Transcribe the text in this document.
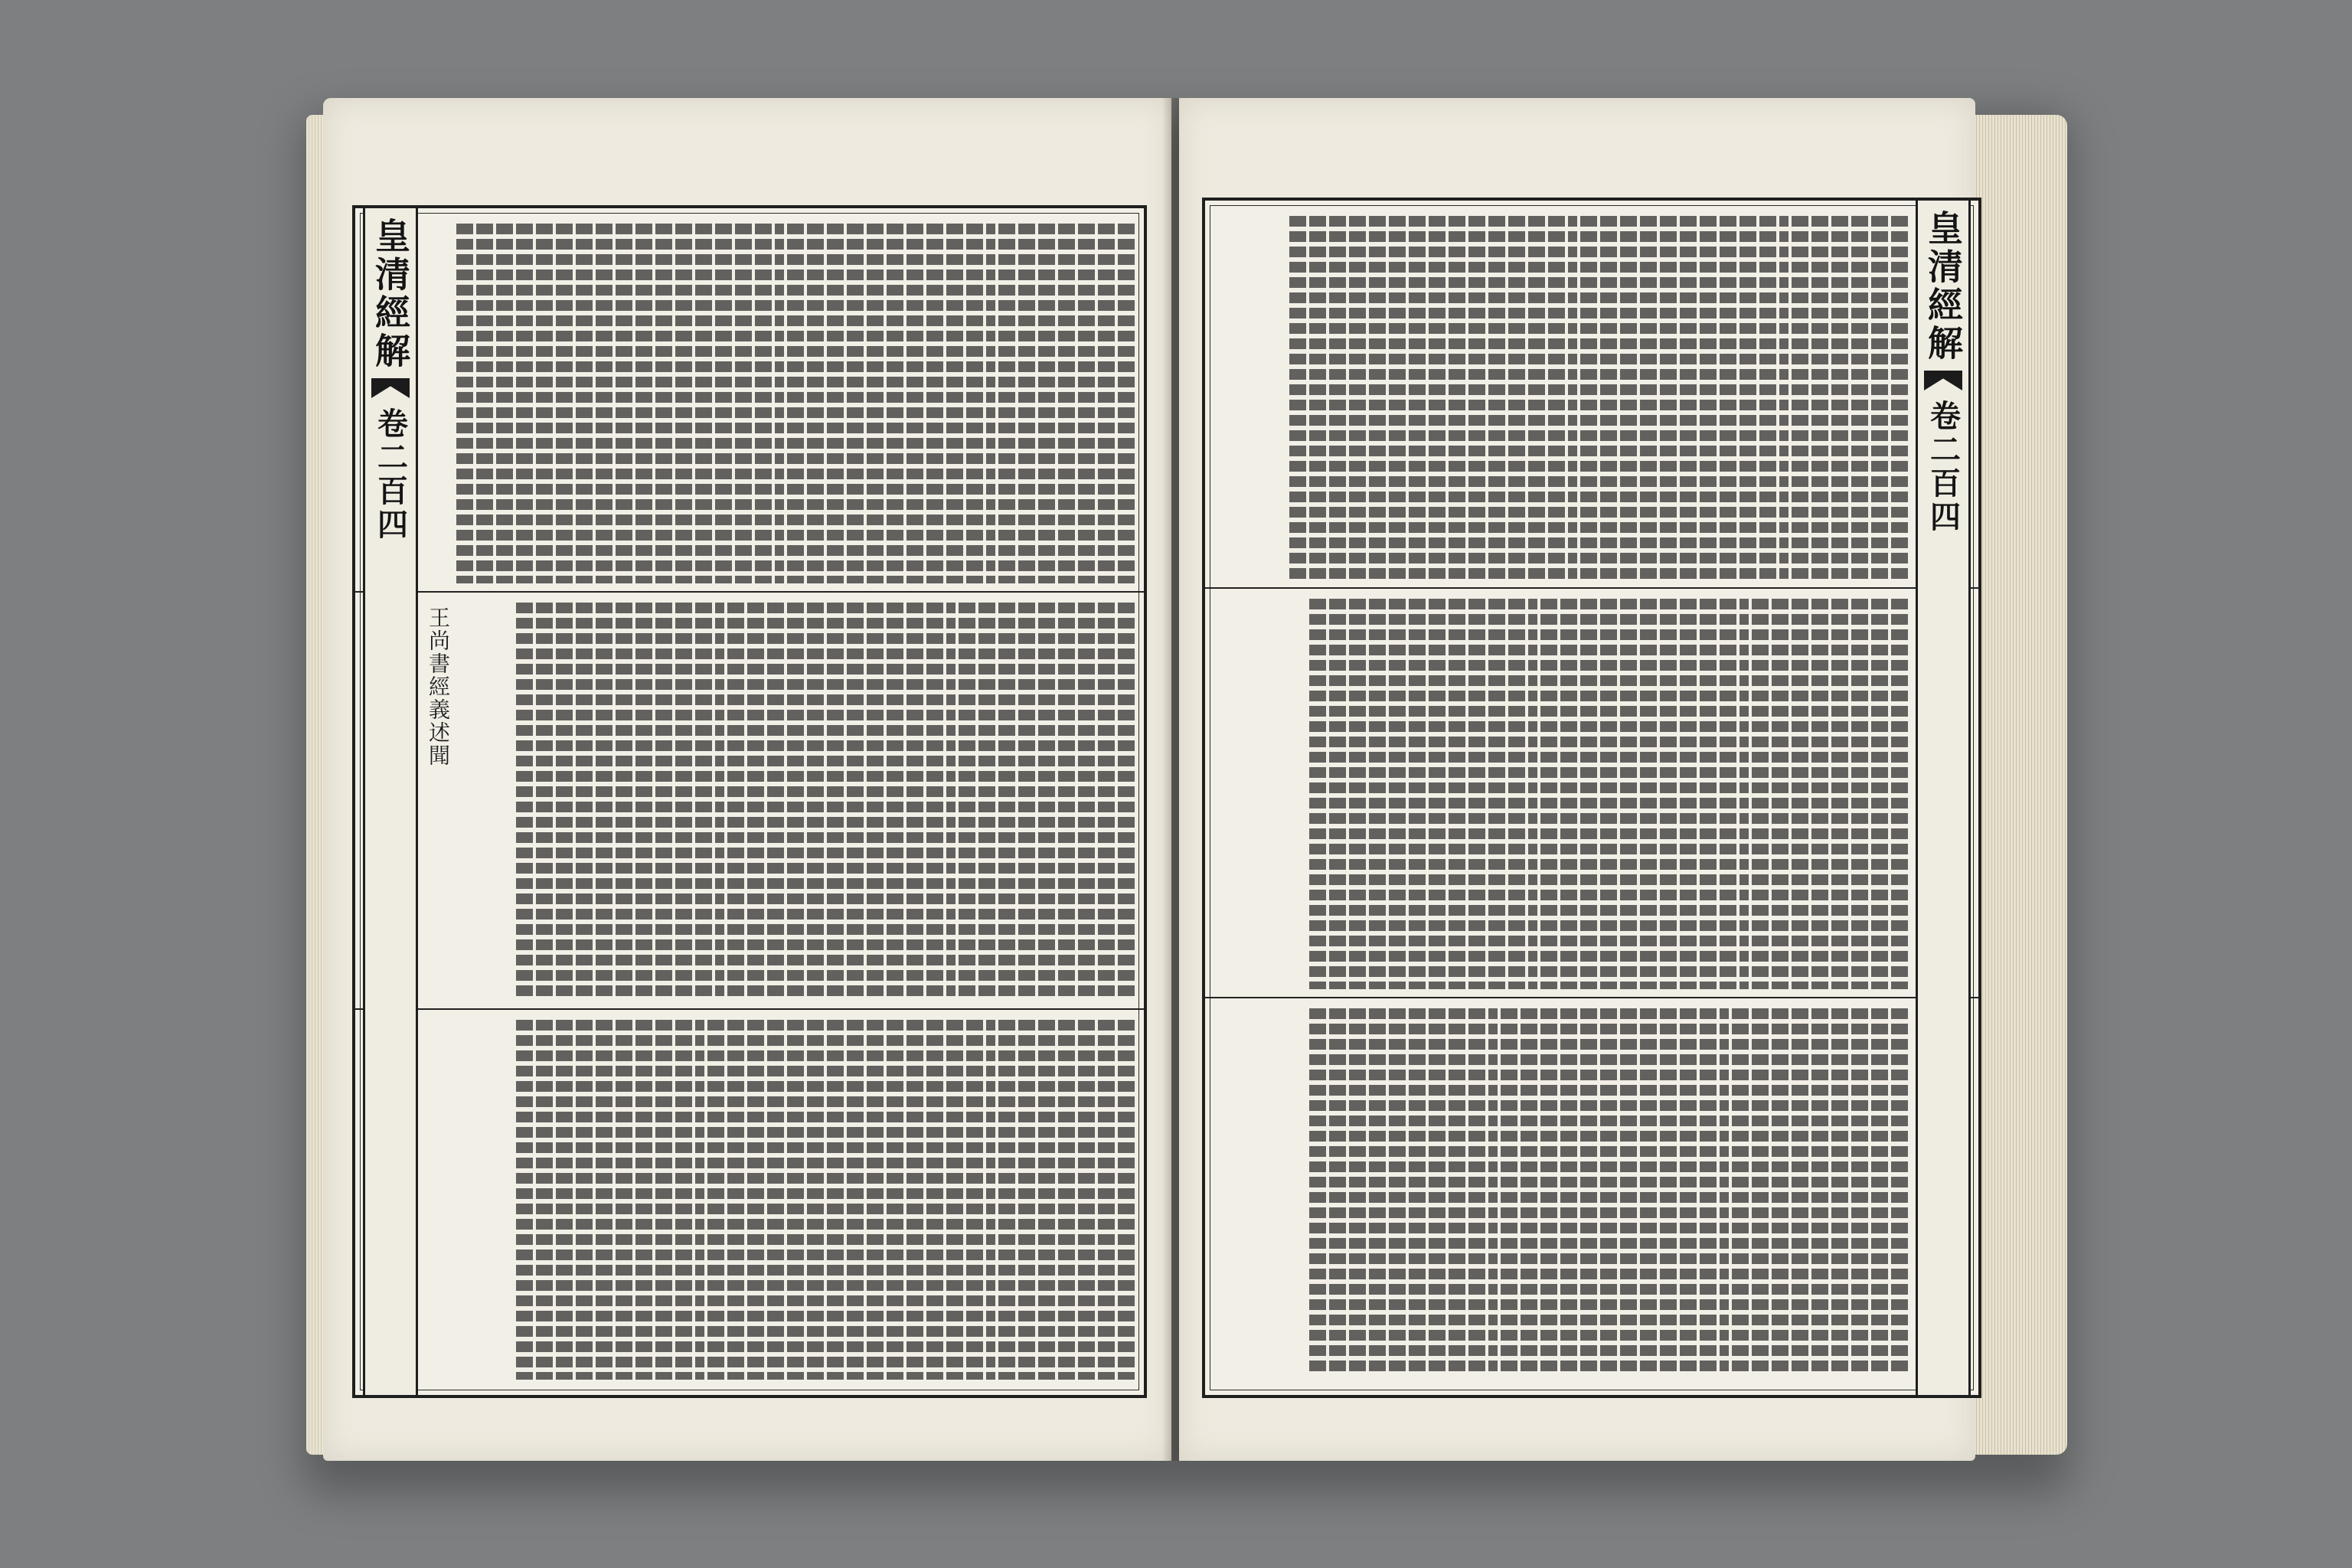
皇清經解
卷二百四
王尚書經義述聞
皇清經解
卷二百四
